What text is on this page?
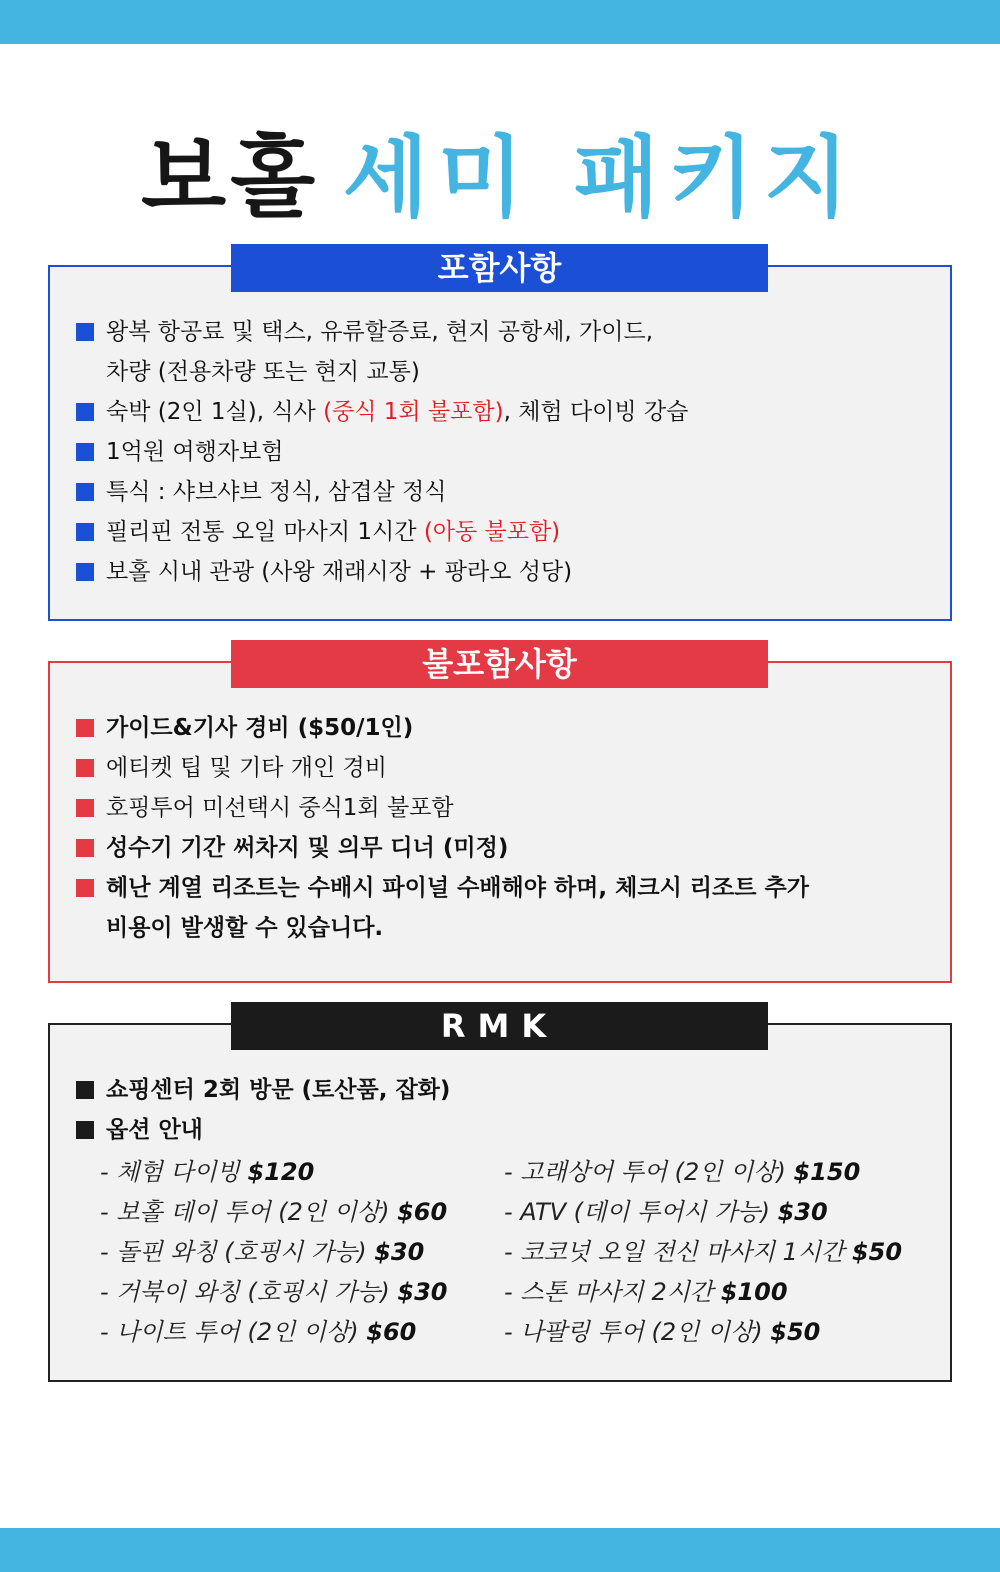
보홀 세미 패키지
포함사항
왕복 항공료 및 택스, 유류할증료, 현지 공항세, 가이드,
차량 (전용차량 또는 현지 교통)
숙박 (2인 1실), 식사 (중식 1회 불포함), 체험 다이빙 강습
1억원 여행자보험
특식 : 샤브샤브 정식, 삼겹살 정식
필리핀 전통 오일 마사지 1시간 (아동 불포함)
보홀 시내 관광 (사왕 재래시장 + 팡라오 성당)
불포함사항
가이드&기사 경비 ($50/1인)
에티켓 팁 및 기타 개인 경비
호핑투어 미선택시 중식1회 불포함
성수기 기간 써차지 및 의무 디너 (미정)
헤난 계열 리조트는 수배시 파이널 수배해야 하며, 체크시 리조트 추가
비용이 발생할 수 있습니다.
RMK
쇼핑센터 2회 방문 (토산품, 잡화)
옵션 안내
- 체험 다이빙 $120
- 보홀 데이 투어 (2인 이상) $60
- 돌핀 와칭 (호핑시 가능) $30
- 거북이 와칭 (호핑시 가능) $30
- 나이트 투어 (2인 이상) $60
- 고래상어 투어 (2인 이상) $150
- ATV (데이 투어시 가능) $30
- 코코넛 오일 전신 마사지 1시간 $50
- 스톤 마사지 2시간 $100
- 나팔링 투어 (2인 이상) $50
